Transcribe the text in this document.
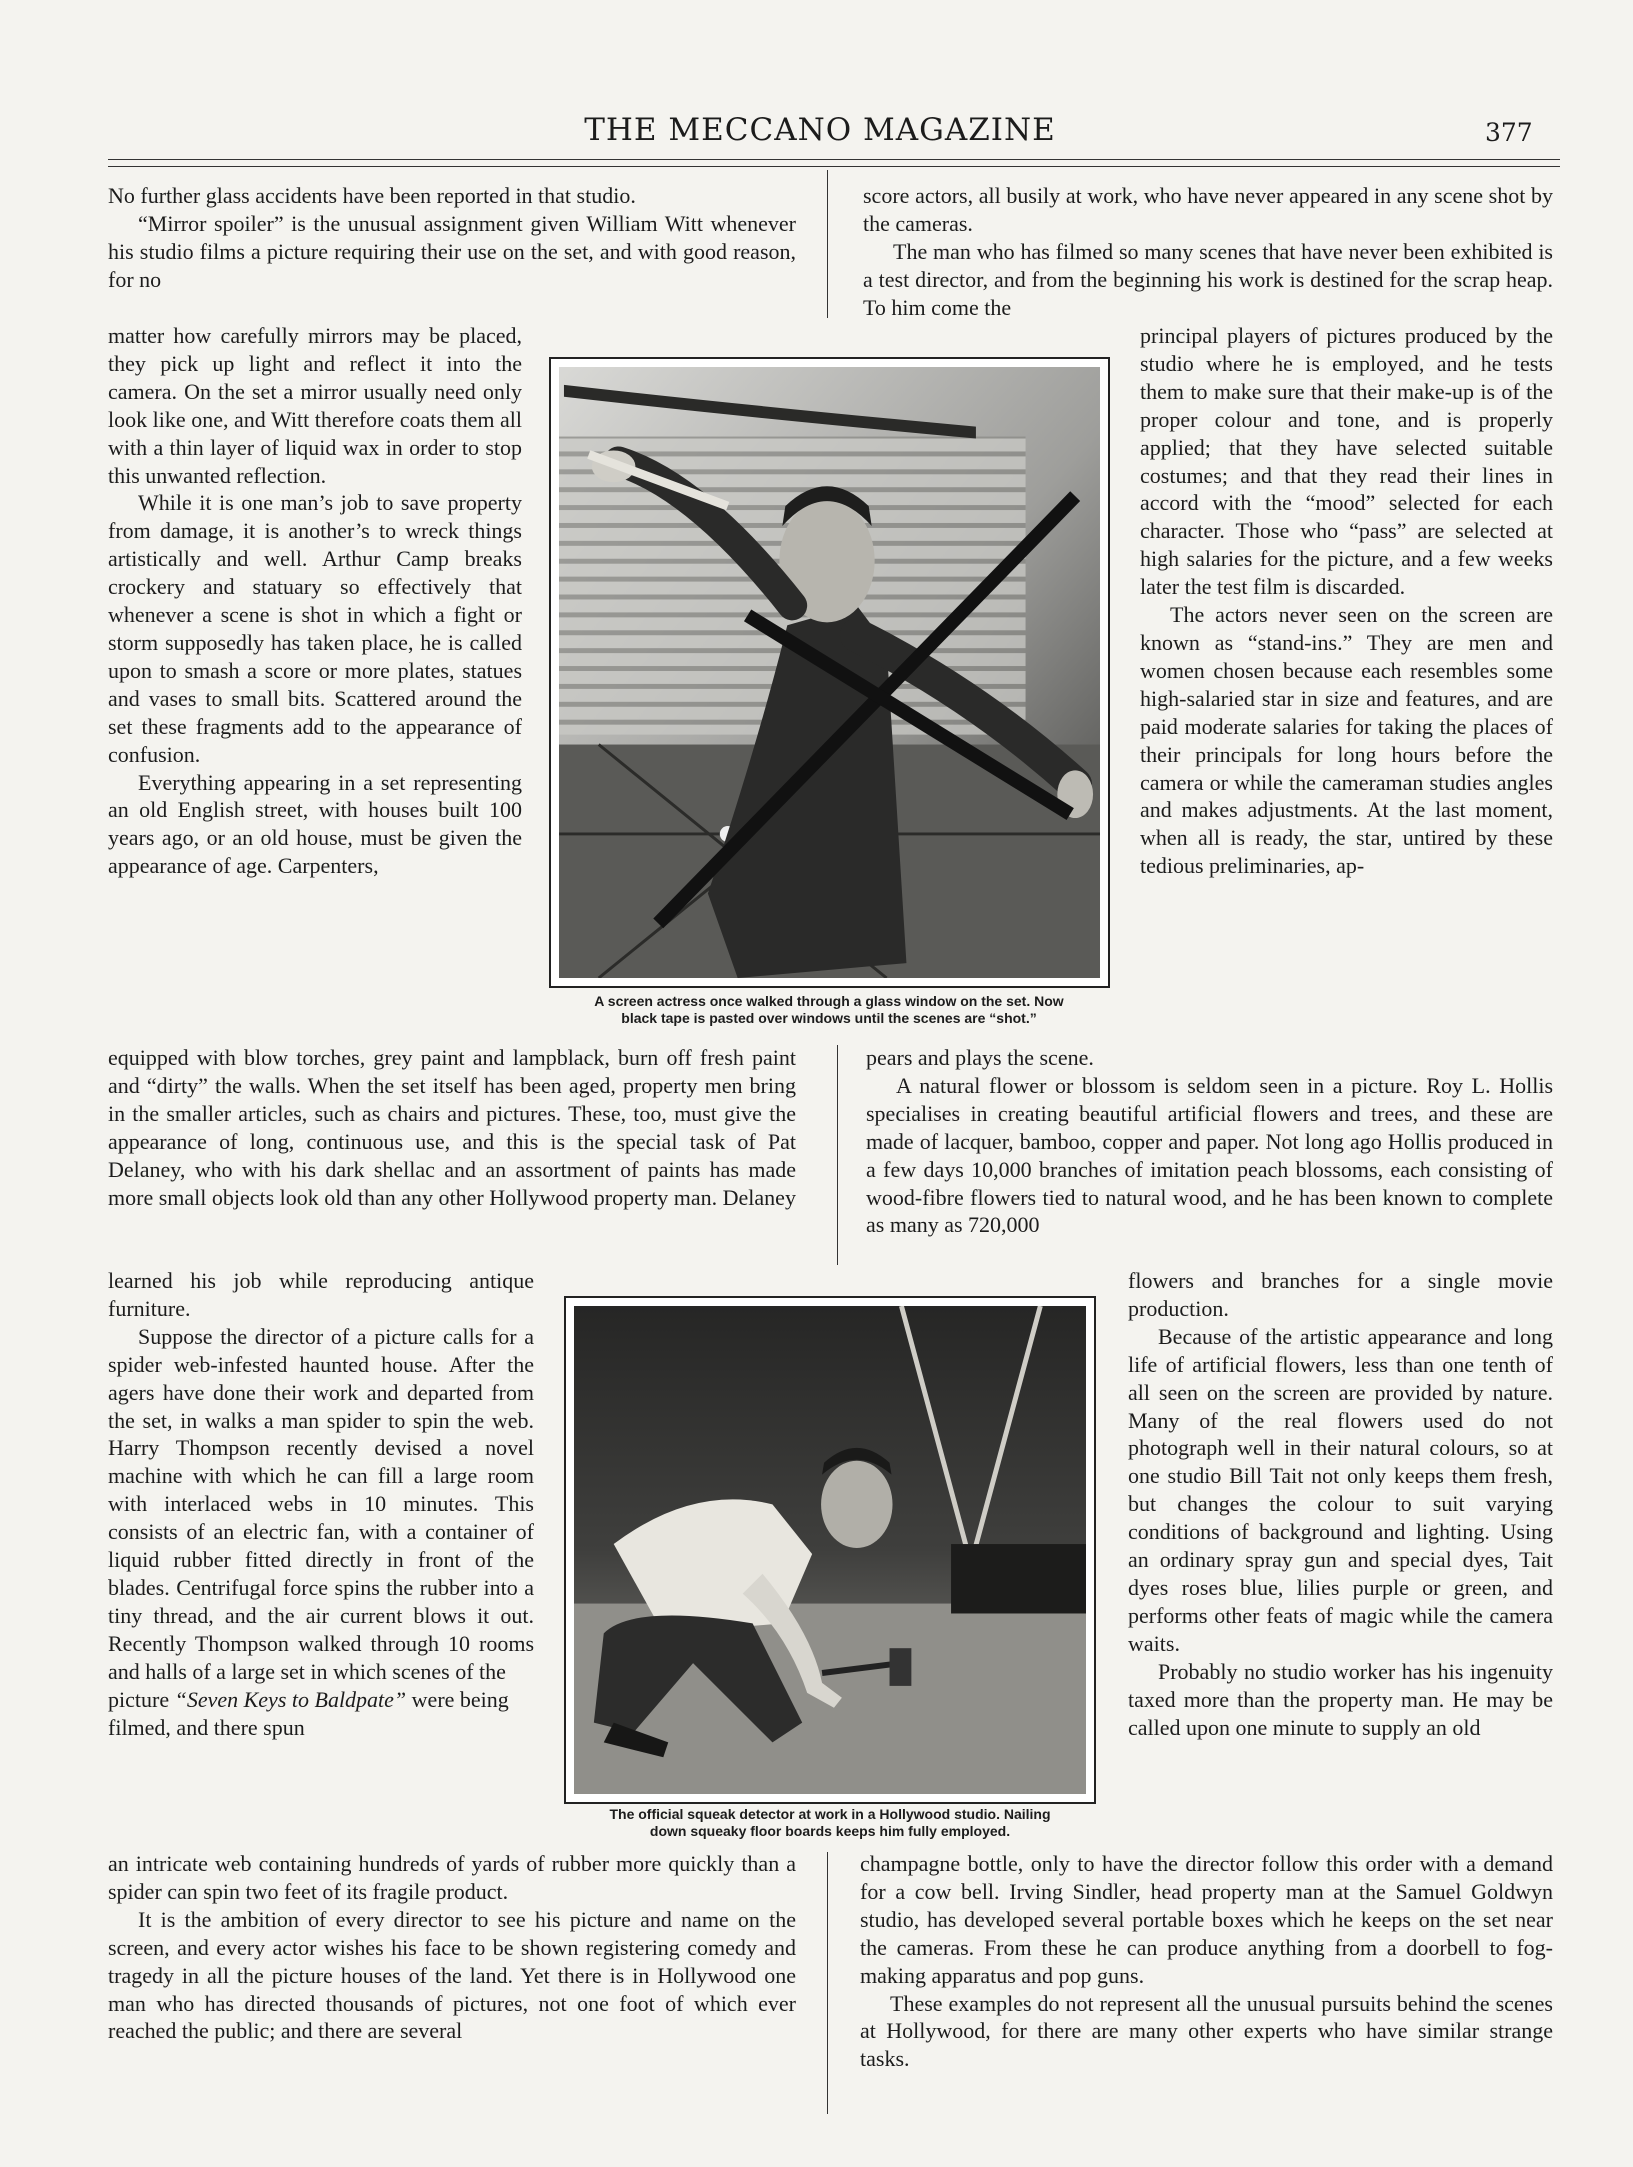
THE MECCANO MAGAZINE	377

No further glass accidents have been reported in that studio.

“Mirror spoiler” is the unusual assignment given William Witt whenever his studio films a picture requiring their use on the set, and with good reason, for no

matter how carefully mirrors may be placed, they pick up light and reflect it into the camera. On the set a mirror usually need only look like one, and Witt therefore coats them all with a thin layer of liquid wax in order to stop this unwanted reflection.

While it is one man’s job to save property from damage, it is another’s to wreck things artistically and well. Arthur Camp breaks crockery and statuary so effectively that whenever a scene is shot in which a fight or storm supposedly has taken place, he is called upon to smash a score or more plates, statues and vases to small bits. Scattered around the set these fragments add to the appearance of confusion.

Everything appearing in a set representing an old English street, with houses built 100 years ago, or an old house, must be given the appearance of age. Carpenters,

equipped with blow torches, grey paint and lampblack, burn off fresh paint and “dirty” the walls. When the set itself has been aged, property men bring in the smaller articles, such as chairs and pictures. These, too, must give the appearance of long, continuous use, and this is the special task of Pat Delaney, who with his dark shellac and an assortment of paints has made more small objects look old than any other Hollywood property man. Delaney

learned his job while reproducing antique furniture.

Suppose the director of a picture calls for a spider web-infested haunted house. After the agers have done their work and departed from the set, in walks a man spider to spin the web. Harry Thompson recently devised a novel machine with which he can fill a large room with interlaced webs in 10 minutes. This consists of an electric fan, with a container of liquid rubber fitted directly in front of the blades. Centrifugal force spins the rubber into a tiny thread, and the air current blows it out. Recently Thompson walked through 10 rooms and halls of a large set in which scenes of the

picture “Seven Keys to Baldpate” were being filmed, and there spun

an intricate web containing hundreds of yards of rubber more quickly than a spider can spin two feet of its fragile product.

It is the ambition of every director to see his picture and name on the screen, and every actor wishes his face to be shown registering comedy and tragedy in all the picture houses of the land. Yet there is in Hollywood one man who has directed thousands of pictures, not one foot of which ever reached the public; and there are several

score actors, all busily at work, who have never appeared in any scene shot by the cameras.

The man who has filmed so many scenes that have never been exhibited is a test director, and from the beginning his work is destined for the scrap heap. To him come the

principal players of pictures produced by the studio where he is employed, and he tests them to make sure that their make-up is of the proper colour and tone, and is properly applied; that they have selected suitable costumes; and that they read their lines in accord with the “mood” selected for each character. Those who “pass” are selected at high salaries for the picture, and a few weeks later the test film is discarded.

The actors never seen on the screen are known as “stand-ins.” They are men and women chosen because each resembles some high-salaried star in size and features, and are paid moderate salaries for taking the places of their principals for long hours before the camera or while the cameraman studies angles and makes adjustments. At the last moment, when all is ready, the star, untired by these tedious preliminaries, ap-

pears and plays the scene.

A natural flower or blossom is seldom seen in a picture. Roy L. Hollis specialises in creating beautiful artificial flowers and trees, and these are made of lacquer, bamboo, copper and paper. Not long ago Hollis produced in a few days 10,000 branches of imitation peach blossoms, each consisting of wood-fibre flowers tied to natural wood, and he has been known to complete as many as 720,000

flowers and branches for a single movie production.

Because of the artistic appearance and long life of artificial flowers, less than one tenth of all seen on the screen are provided by nature. Many of the real flowers used do not photograph well in their natural colours, so at one studio Bill Tait not only keeps them fresh, but changes the colour to suit varying conditions of background and lighting. Using an ordinary spray gun and special dyes, Tait dyes roses blue, lilies purple or green, and performs other feats of magic while the camera waits.

Probably no studio worker has his ingenuity taxed more than the property man. He may be called upon one minute to supply an old

champagne bottle, only to have the director follow this order with a demand for a cow bell. Irving Sindler, head property man at the Samuel Goldwyn studio, has developed several portable boxes which he keeps on the set near the cameras. From these he can produce anything from a doorbell to fog-making apparatus and pop guns.

These examples do not represent all the unusual pursuits behind the scenes at Hollywood, for there are many other experts who have similar strange tasks.

A screen actress once walked through a glass window on the set. Now
black tape is pasted over windows until the scenes are “shot.”
The official squeak detector at work in a Hollywood studio. Nailing
down squeaky floor boards keeps him fully employed.
